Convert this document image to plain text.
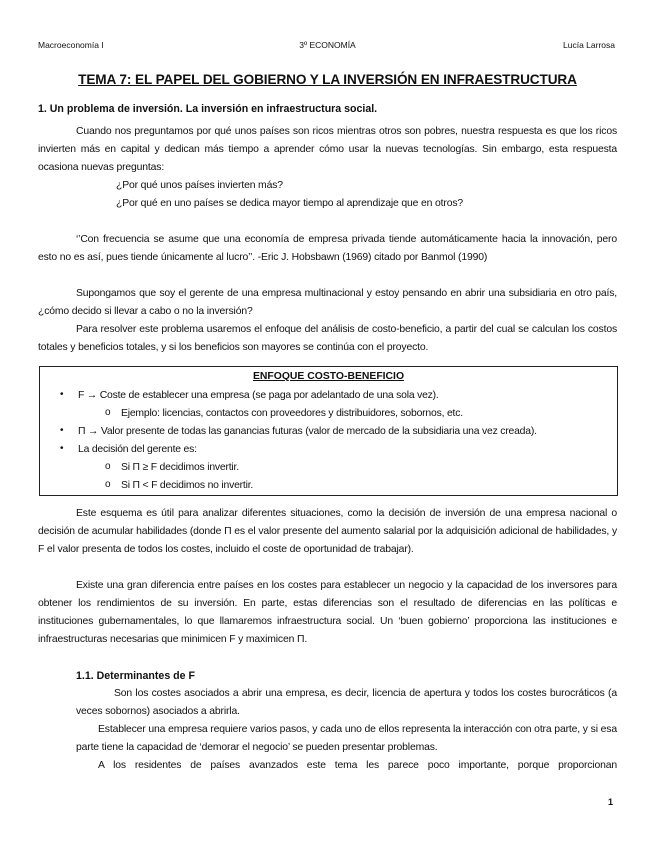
Macroeconomía I	3º ECONOMÍA	Lucía Larrosa
TEMA 7: EL PAPEL DEL GOBIERNO Y LA INVERSIÓN EN INFRAESTRUCTURA
1. Un problema de inversión. La inversión en infraestructura social.
Cuando nos preguntamos por qué unos países son ricos mientras otros son pobres, nuestra respuesta es que los ricos invierten más en capital y dedican más tiempo a aprender cómo usar la nuevas tecnologías. Sin embargo, esta respuesta ocasiona nuevas preguntas:
¿Por qué unos países invierten más?
¿Por qué en uno países se dedica mayor tiempo al aprendizaje que en otros?
‘’Con frecuencia se asume que una economía de empresa privada tiende automáticamente hacia la innovación, pero esto no es así, pues tiende únicamente al lucro’’. -Eric J. Hobsbawn (1969) citado por Banmol (1990)
Supongamos que soy el gerente de una empresa multinacional y estoy pensando en abrir una subsidiaria en otro país, ¿cómo decido si llevar a cabo o no la inversión?
Para resolver este problema usaremos el enfoque del análisis de costo-beneficio, a partir del cual se calculan los costos totales y beneficios totales, y si los beneficios son mayores se continúa con el proyecto.
ENFOQUE COSTO-BENEFICIO
• F → Coste de establecer una empresa (se paga por adelantado de una sola vez).
o Ejemplo: licencias, contactos con proveedores y distribuidores, sobornos, etc.
• Π → Valor presente de todas las ganancias futuras (valor de mercado de la subsidiaria una vez creada).
• La decisión del gerente es:
o Si Π ≥ F decidimos invertir.
o Si Π < F decidimos no invertir.
Este esquema es útil para analizar diferentes situaciones, como la decisión de inversión de una empresa nacional o decisión de acumular habilidades (donde Π es el valor presente del aumento salarial por la adquisición adicional de habilidades, y F el valor presenta de todos los costes, incluido el coste de oportunidad de trabajar).
Existe una gran diferencia entre países en los costes para establecer un negocio y la capacidad de los inversores para obtener los rendimientos de su inversión. En parte, estas diferencias son el resultado de diferencias en las políticas e instituciones gubernamentales, lo que llamaremos infraestructura social. Un ‘buen gobierno’ proporciona las instituciones e infraestructuras necesarias que minimicen F y maximicen Π.
1.1. Determinantes de F
Son los costes asociados a abrir una empresa, es decir, licencia de apertura y todos los costes burocráticos (a veces sobornos) asociados a abrirla.
Establecer una empresa requiere varios pasos, y cada uno de ellos representa la interacción con otra parte, y si esa parte tiene la capacidad de ‘demorar el negocio’ se pueden presentar problemas.
A los residentes de países avanzados este tema les parece poco importante, porque proporcionan
1
